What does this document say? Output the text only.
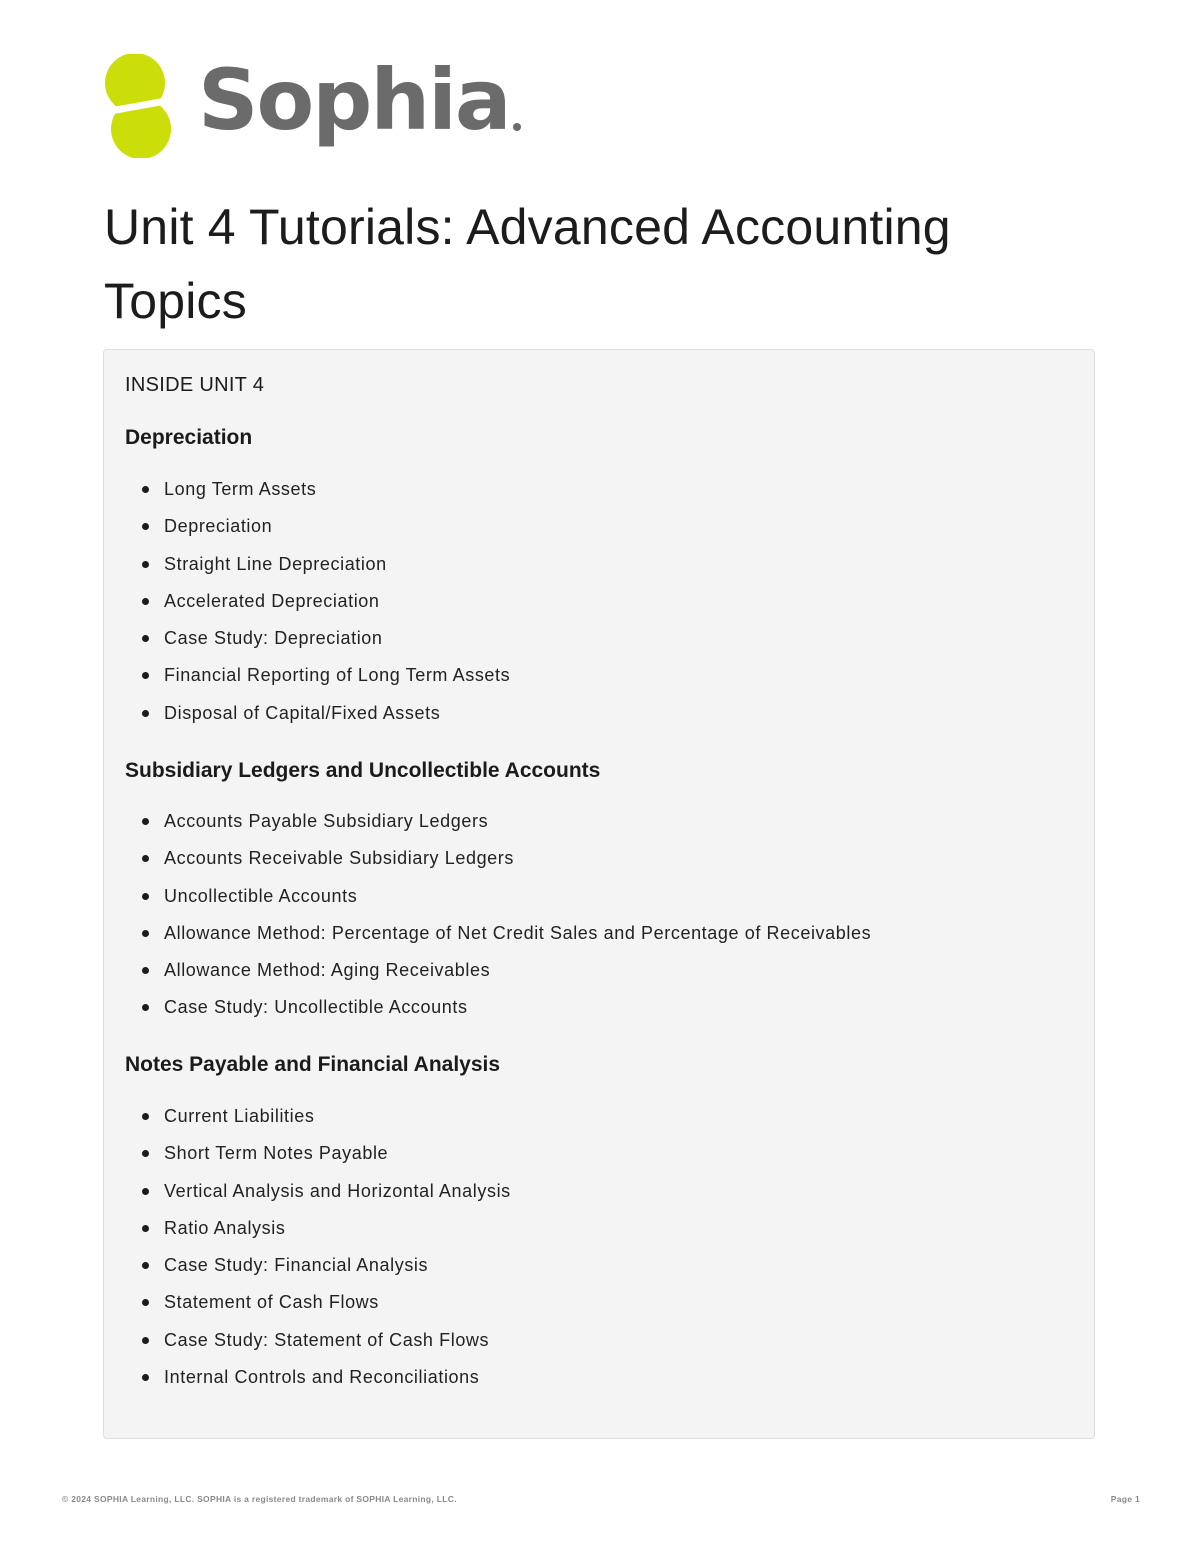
Sophia
Unit 4 Tutorials: Advanced Accounting Topics
INSIDE UNIT 4
Depreciation
Long Term Assets
Depreciation
Straight Line Depreciation
Accelerated Depreciation
Case Study: Depreciation
Financial Reporting of Long Term Assets
Disposal of Capital/Fixed Assets
Subsidiary Ledgers and Uncollectible Accounts
Accounts Payable Subsidiary Ledgers
Accounts Receivable Subsidiary Ledgers
Uncollectible Accounts
Allowance Method: Percentage of Net Credit Sales and Percentage of Receivables
Allowance Method: Aging Receivables
Case Study: Uncollectible Accounts
Notes Payable and Financial Analysis
Current Liabilities
Short Term Notes Payable
Vertical Analysis and Horizontal Analysis
Ratio Analysis
Case Study: Financial Analysis
Statement of Cash Flows
Case Study: Statement of Cash Flows
Internal Controls and Reconciliations
© 2024 SOPHIA Learning, LLC. SOPHIA is a registered trademark of SOPHIA Learning, LLC.	Page 1
